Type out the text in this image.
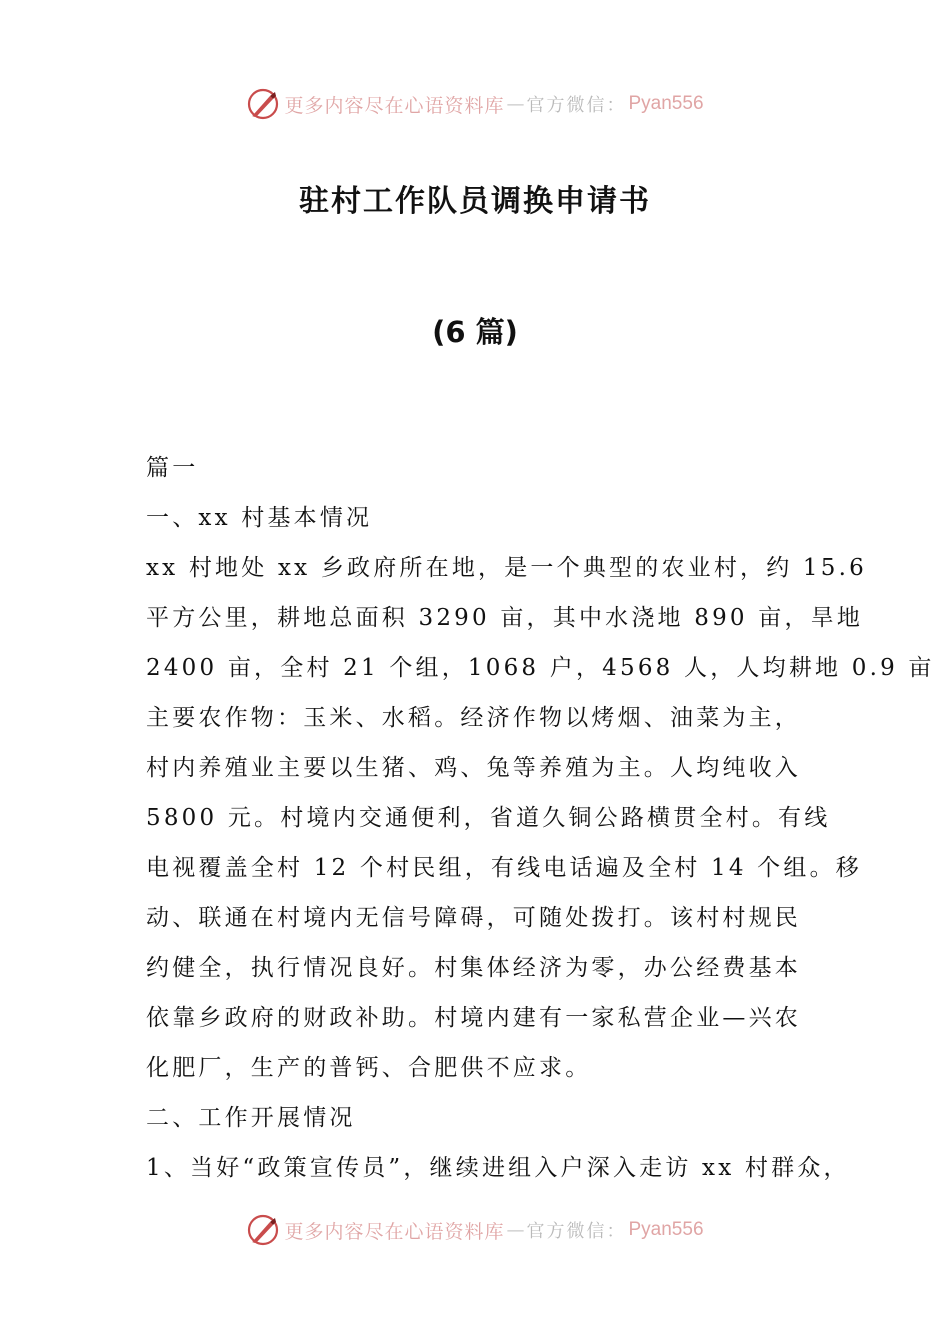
更多内容尽在心语资料库 — 官方微信： Pyan556
驻村工作队员调换申请书
(6 篇)
篇一
一、xx 村基本情况
xx 村地处 xx 乡政府所在地，是一个典型的农业村，约 15.6
平方公里，耕地总面积 3290 亩，其中水浇地 890 亩，旱地
2400 亩，全村 21 个组，1068 户，4568 人，人均耕地 0.9 亩
主要农作物：玉米、水稻。经济作物以烤烟、油菜为主，
村内养殖业主要以生猪、鸡、兔等养殖为主。人均纯收入
5800 元。村境内交通便利，省道久铜公路横贯全村。有线
电视覆盖全村 12 个村民组，有线电话遍及全村 14 个组。移
动、联通在村境内无信号障碍，可随处拨打。该村村规民
约健全，执行情况良好。村集体经济为零，办公经费基本
依靠乡政府的财政补助。村境内建有一家私营企业—兴农
化肥厂，生产的普钙、合肥供不应求。
二、工作开展情况
1、当好“政策宣传员”，继续进组入户深入走访 xx 村群众，
更多内容尽在心语资料库 — 官方微信： Pyan556
